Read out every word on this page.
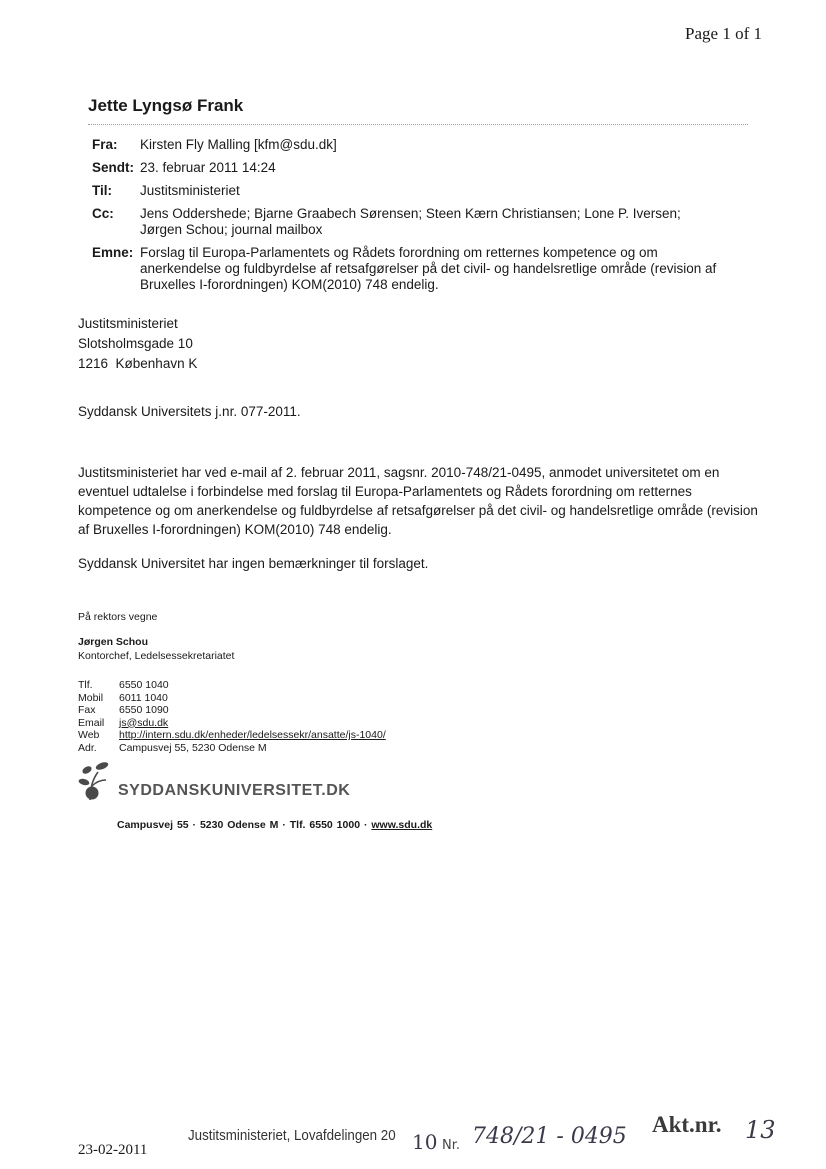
Page 1 of 1
Jette Lyngsø Frank
Fra:	Kirsten Fly Malling [kfm@sdu.dk]
Sendt: 23. februar 2011 14:24
Til:	Justitsministeriet
Cc:	Jens Oddershede; Bjarne Graabech Sørensen; Steen Kærn Christiansen; Lone P. Iversen;
Jørgen Schou; journal mailbox
Emne: Forslag til Europa-Parlamentets og Rådets forordning om retternes kompetence og om
anerkendelse og fuldbyrdelse af retsafgørelser på det civil- og handelsretlige område (revision af
Bruxelles I-forordningen) KOM(2010) 748 endelig.
Justitsministeriet
Slotsholmsgade 10
1216  København K
Syddansk Universitets j.nr. 077-2011.
Justitsministeriet har ved e-mail af 2. februar 2011, sagsnr. 2010-748/21-0495, anmodet universitetet om en eventuel udtalelse i forbindelse med forslag til Europa-Parlamentets og Rådets forordning om retternes kompetence og om anerkendelse og fuldbyrdelse af retsafgørelser på det civil- og handelsretlige område (revision af Bruxelles I-forordningen) KOM(2010) 748 endelig.
Syddansk Universitet har ingen bemærkninger til forslaget.
På rektors vegne
Jørgen Schou
Kontorchef, Ledelsessekretariatet
Tlf.	6550 1040
Mobil	6011 1040
Fax	6550 1090
Email	js@sdu.dk
Web	http://intern.sdu.dk/enheder/ledelsessekr/ansatte/js-1040/
Adr.	Campusvej 55, 5230 Odense M
SYDDANSKUNIVERSITET.DK
Campusvej 55 · 5230 Odense M · Tlf. 6550 1000 · www.sdu.dk
23-02-2011
Justitsministeriet, Lovafdelingen 20 10 Nr. 748/21 - 0495 Akt.nr. 13
